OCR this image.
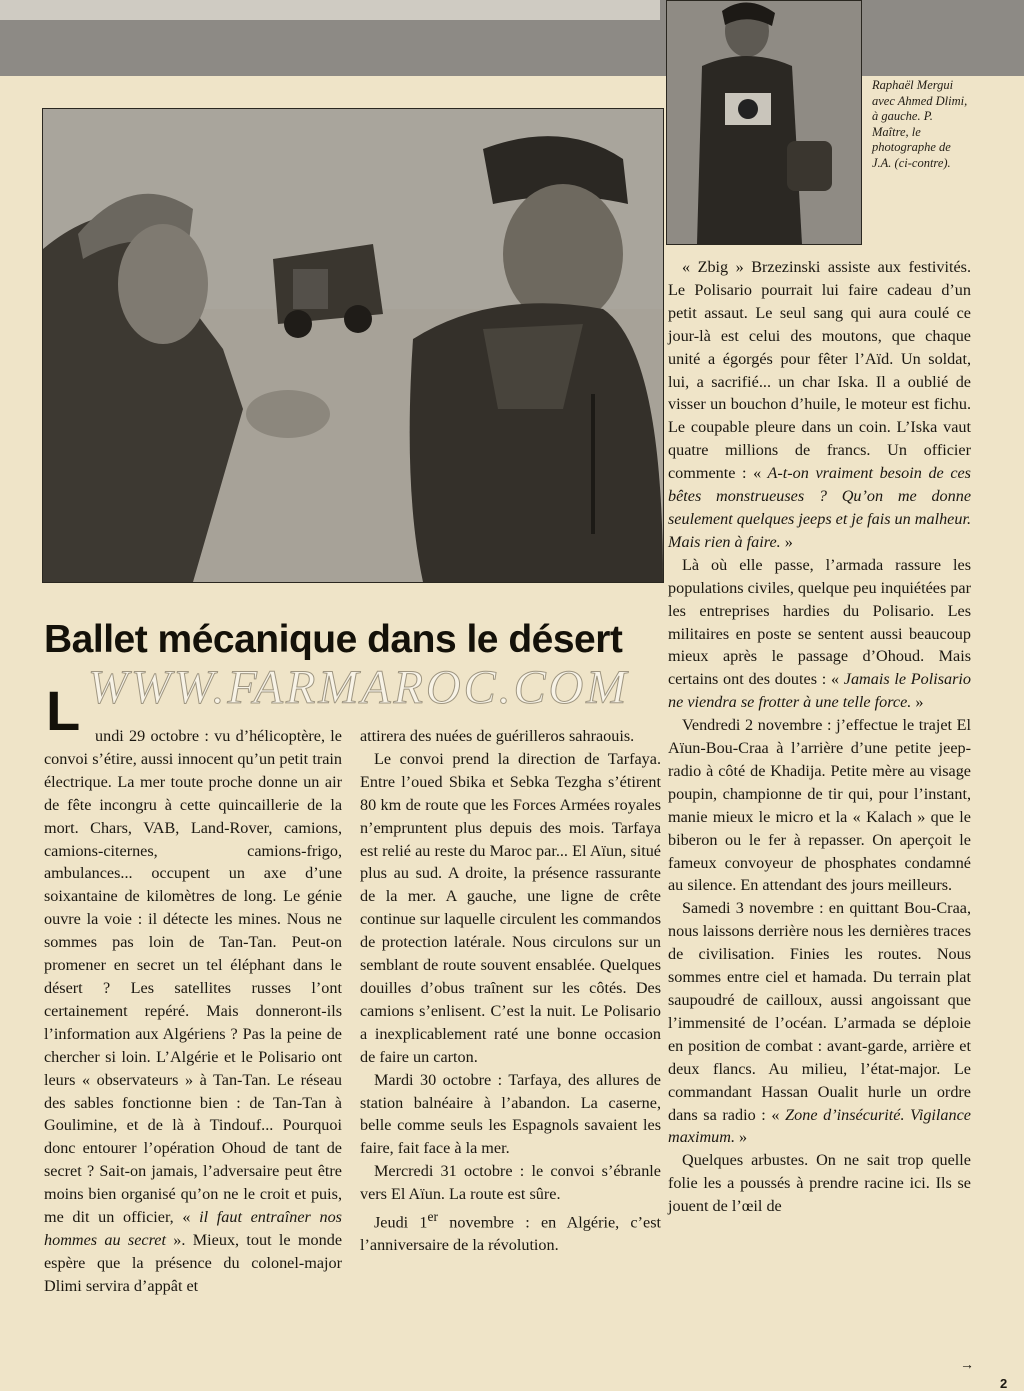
Raphaël Mergui avec Ahmed Dlimi, à gauche. P. Maître, le photographe de J.A. (ci-contre).
Ballet mécanique dans le désert
WWW.FARMAROC.COM
L undi 29 octobre : vu d’hélicoptère, le convoi s’étire, aussi innocent qu’un petit train électrique. La mer toute proche donne un air de fête incongru à cette quincaillerie de la mort. Chars, VAB, Land-Rover, camions, camions-citernes, camions-frigo, ambulances... occupent un axe d’une soixantaine de kilomètres de long. Le génie ouvre la voie : il détecte les mines. Nous ne sommes pas loin de Tan-Tan. Peut-on promener en secret un tel éléphant dans le désert ? Les satellites russes l’ont certainement repéré. Mais donneront-ils l’information aux Algériens ? Pas la peine de chercher si loin. L’Algérie et le Polisario ont leurs « observateurs » à Tan-Tan. Le réseau des sables fonctionne bien : de Tan-Tan à Goulimine, et de là à Tindouf... Pourquoi donc entourer l’opération Ohoud de tant de secret ? Sait-on jamais, l’adversaire peut être moins bien organisé qu’on ne le croit et puis, me dit un officier, « il faut entraîner nos hommes au secret ». Mieux, tout le monde espère que la présence du colonel-major Dlimi servira d’appât et

attirera des nuées de guérilleros sahraouis.

Le convoi prend la direction de Tarfaya. Entre l’oued Sbika et Sebka Tezgha s’étirent 80 km de route que les Forces Armées royales n’empruntent plus depuis des mois. Tarfaya est relié au reste du Maroc par... El Aïun, situé plus au sud. A droite, la présence rassurante de la mer. A gauche, une ligne de crête continue sur laquelle circulent les commandos de protection latérale. Nous circulons sur un semblant de route souvent ensablée. Quelques douilles d’obus traînent sur les côtés. Des camions s’enlisent. C’est la nuit. Le Polisario a inexplicablement raté une bonne occasion de faire un carton.

Mardi 30 octobre : Tarfaya, des allures de station balnéaire à l’abandon. La caserne, belle comme seuls les Espagnols savaient les faire, fait face à la mer.

Mercredi 31 octobre : le convoi s’ébranle vers El Aïun. La route est sûre.

Jeudi 1er novembre : en Algérie, c’est l’anniversaire de la révolution.

« Zbig » Brzezinski assiste aux festivités. Le Polisario pourrait lui faire cadeau d’un petit assaut. Le seul sang qui aura coulé ce jour-là est celui des moutons, que chaque unité a égorgés pour fêter l’Aïd. Un soldat, lui, a sacrifié... un char Iska. Il a oublié de visser un bouchon d’huile, le moteur est fichu. Le coupable pleure dans un coin. L’Iska vaut quatre millions de francs. Un officier commente : « A-t-on vraiment besoin de ces bêtes monstrueuses ? Qu’on me donne seulement quelques jeeps et je fais un malheur. Mais rien à faire. »

Là où elle passe, l’armada rassure les populations civiles, quelque peu inquiétées par les entreprises hardies du Polisario. Les militaires en poste se sentent aussi beaucoup mieux après le passage d’Ohoud. Mais certains ont des doutes : « Jamais le Polisario ne viendra se frotter à une telle force. »

Vendredi 2 novembre : j’effectue le trajet El Aïun-Bou-Craa à l’arrière d’une petite jeep-radio à côté de Khadija. Petite mère au visage poupin, championne de tir qui, pour l’instant, manie mieux le micro et la « Kalach » que le biberon ou le fer à repasser. On aperçoit le fameux convoyeur de phosphates condamné au silence. En attendant des jours meilleurs.

Samedi 3 novembre : en quittant Bou-Craa, nous laissons derrière nous les dernières traces de civilisation. Finies les routes. Nous sommes entre ciel et hamada. Du terrain plat saupoudré de cailloux, aussi angoissant que l’immensité de l’océan. L’armada se déploie en position de combat : avant-garde, arrière et deux flancs. Au milieu, l’état-major. Le commandant Hassan Oualit hurle un ordre dans sa radio : « Zone d’insécurité. Vigilance maximum. »

Quelques arbustes. On ne sait trop quelle folie les a poussés à prendre racine ici. Ils se jouent de l’œil de

→
2
